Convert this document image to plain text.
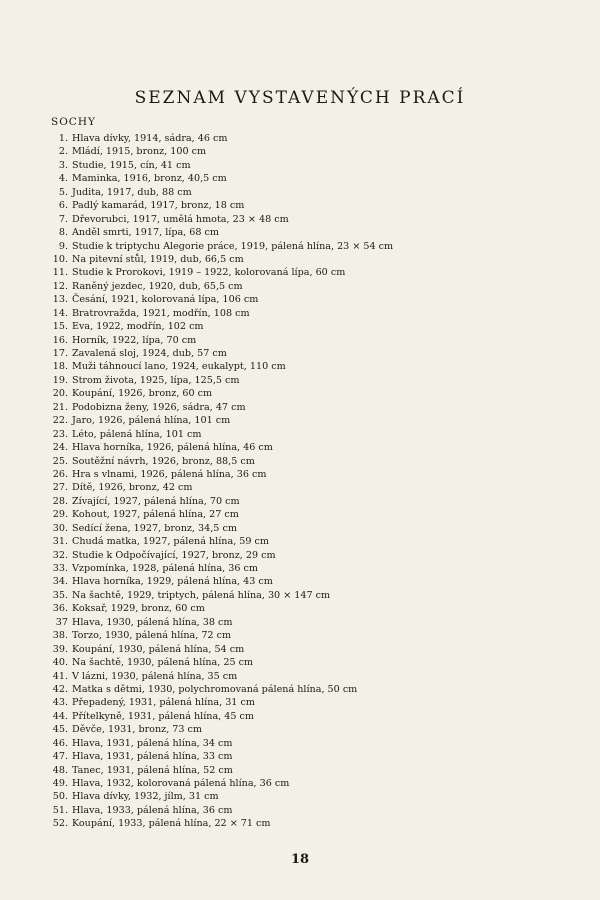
SEZNAM VYSTAVENÝCH PRACÍ
SOCHY
1. Hlava dívky, 1914, sádra, 46 cm
2. Mládí, 1915, bronz, 100 cm
3. Studie, 1915, cín, 41 cm
4. Maminka, 1916, bronz, 40,5 cm
5. Judita, 1917, dub, 88 cm
6. Padlý kamarád, 1917, bronz, 18 cm
7. Dřevorubci, 1917, umělá hmota, 23 × 48 cm
8. Anděl smrti, 1917, lípa, 68 cm
9. Studie k triptychu Alegorie práce, 1919, pálená hlína, 23 × 54 cm
10. Na pitevní stůl, 1919, dub, 66,5 cm
11. Studie k Prorokovi, 1919 – 1922, kolorovaná lípa, 60 cm
12. Raněný jezdec, 1920, dub, 65,5 cm
13. Česání, 1921, kolorovaná lípa, 106 cm
14. Bratrovražda, 1921, modřín, 108 cm
15. Eva, 1922, modřín, 102 cm
16. Horník, 1922, lípa, 70 cm
17. Zavalená sloj, 1924, dub, 57 cm
18. Muži táhnoucí lano, 1924, eukalypt, 110 cm
19. Strom života, 1925, lípa, 125,5 cm
20. Koupání, 1926, bronz, 60 cm
21. Podobizna ženy, 1926, sádra, 47 cm
22. Jaro, 1926, pálená hlína, 101 cm
23. Léto, pálená hlína, 101 cm
24. Hlava horníka, 1926, pálená hlína, 46 cm
25. Soutěžní návrh, 1926, bronz, 88,5 cm
26. Hra s vlnami, 1926, pálená hlína, 36 cm
27. Dítě, 1926, bronz, 42 cm
28. Zívající, 1927, pálená hlína, 70 cm
29. Kohout, 1927, pálená hlína, 27 cm
30. Sedící žena, 1927, bronz, 34,5 cm
31. Chudá matka, 1927, pálená hlína, 59 cm
32. Studie k Odpočívající, 1927, bronz, 29 cm
33. Vzpomínka, 1928, pálená hlína, 36 cm
34. Hlava horníka, 1929, pálená hlína, 43 cm
35. Na šachtě, 1929, triptych, pálená hlína, 30 × 147 cm
36. Koksař, 1929, bronz, 60 cm
37 Hlava, 1930, pálená hlína, 38 cm
38. Torzo, 1930, pálená hlína, 72 cm
39. Koupání, 1930, pálená hlína, 54 cm
40. Na šachtě, 1930, pálená hlína, 25 cm
41. V lázni, 1930, pálená hlína, 35 cm
42. Matka s dětmi, 1930, polychromovaná pálená hlína, 50 cm
43. Přepadený, 1931, pálená hlína, 31 cm
44. Přítelkyně, 1931, pálená hlína, 45 cm
45. Děvče, 1931, bronz, 73 cm
46. Hlava, 1931, pálená hlína, 34 cm
47. Hlava, 1931, pálená hlína, 33 cm
48. Tanec, 1931, pálená hlína, 52 cm
49. Hlava, 1932, kolorovaná pálená hlína, 36 cm
50. Hlava dívky, 1932, jílm, 31 cm
51. Hlava, 1933, pálená hlína, 36 cm
52. Koupání, 1933, pálená hlína, 22 × 71 cm
18
